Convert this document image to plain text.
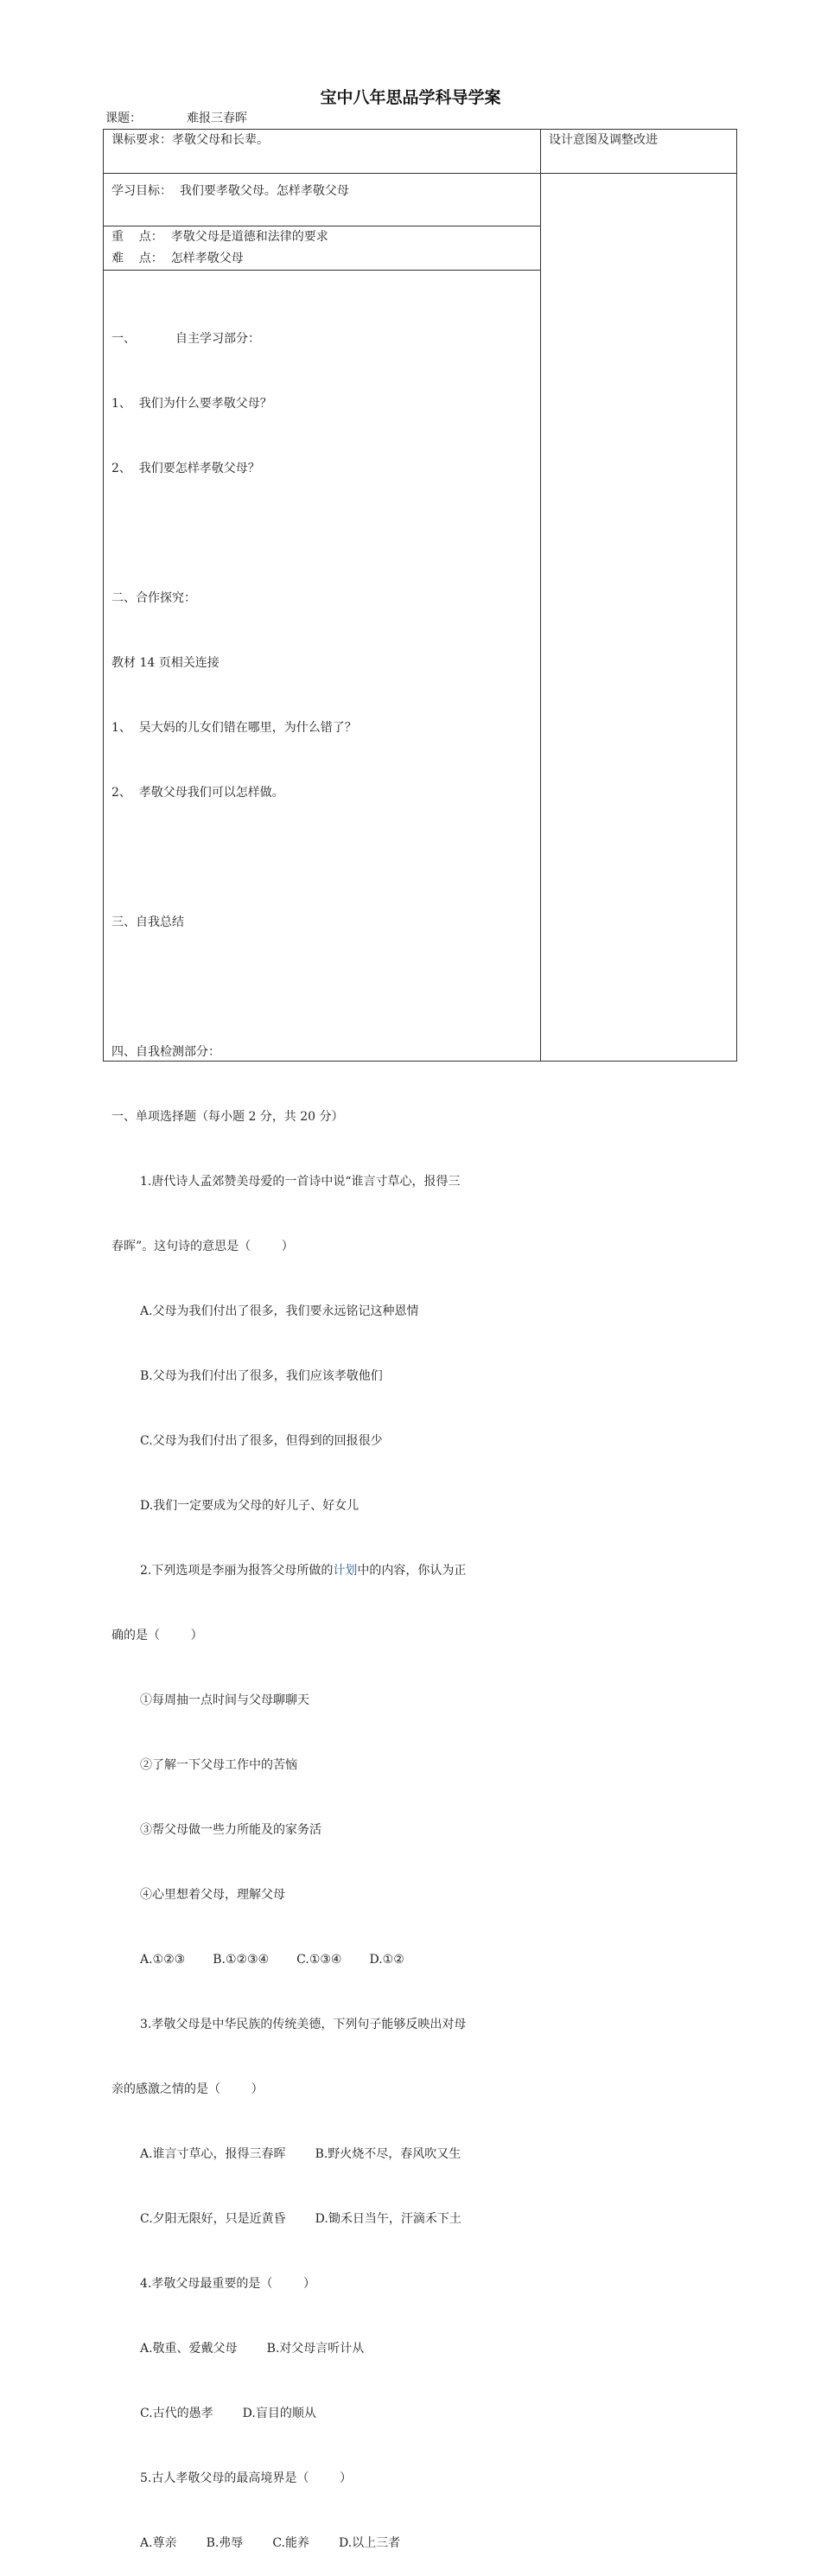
宝中八年思品学科导学案
课题：	难报三春晖
课标要求：孝敬父母和长辈。	设计意图及调整改进
学习目标：  我们要孝敬父母。怎样孝敬父母
重    点：  孝敬父母是道德和法律的要求
难    点：  怎样孝敬父母

一、	自主学习部分：

1、  我们为什么要孝敬父母？

2、  我们要怎样孝敬父母？

二、合作探究：

教材 14 页相关连接

1、  吴大妈的儿女们错在哪里，为什么错了？

2、  孝敬父母我们可以怎样做。

三、自我总结

四、自我检测部分：

一、单项选择题（每小题 2 分，共 20 分）

1.唐代诗人孟郊赞美母爱的一首诗中说“谁言寸草心，报得三

春晖”。这句诗的意思是（        ）

A.父母为我们付出了很多，我们要永远铭记这种恩情

B.父母为我们付出了很多，我们应该孝敬他们

C.父母为我们付出了很多，但得到的回报很少

D.我们一定要成为父母的好儿子、好女儿

2.下列选项是李丽为报答父母所做的计划中的内容，你认为正

确的是（        ）

①每周抽一点时间与父母聊聊天

②了解一下父母工作中的苦恼

③帮父母做一些力所能及的家务活

④心里想着父母，理解父母

A.①②③ B.①②③④ C.①③④ D.①②

3.孝敬父母是中华民族的传统美德，下列句子能够反映出对母

亲的感激之情的是（        ）

A.谁言寸草心，报得三春晖 B.野火烧不尽，春风吹又生

C.夕阳无限好，只是近黄昏 D.锄禾日当午，汗滴禾下土

4.孝敬父母最重要的是（        ）

A.敬重、爱戴父母 B.对父母言听计从

C.古代的愚孝 D.盲目的顺从

5.古人孝敬父母的最高境界是（        ）

A.尊亲 B.弗辱 C.能养 D.以上三者
